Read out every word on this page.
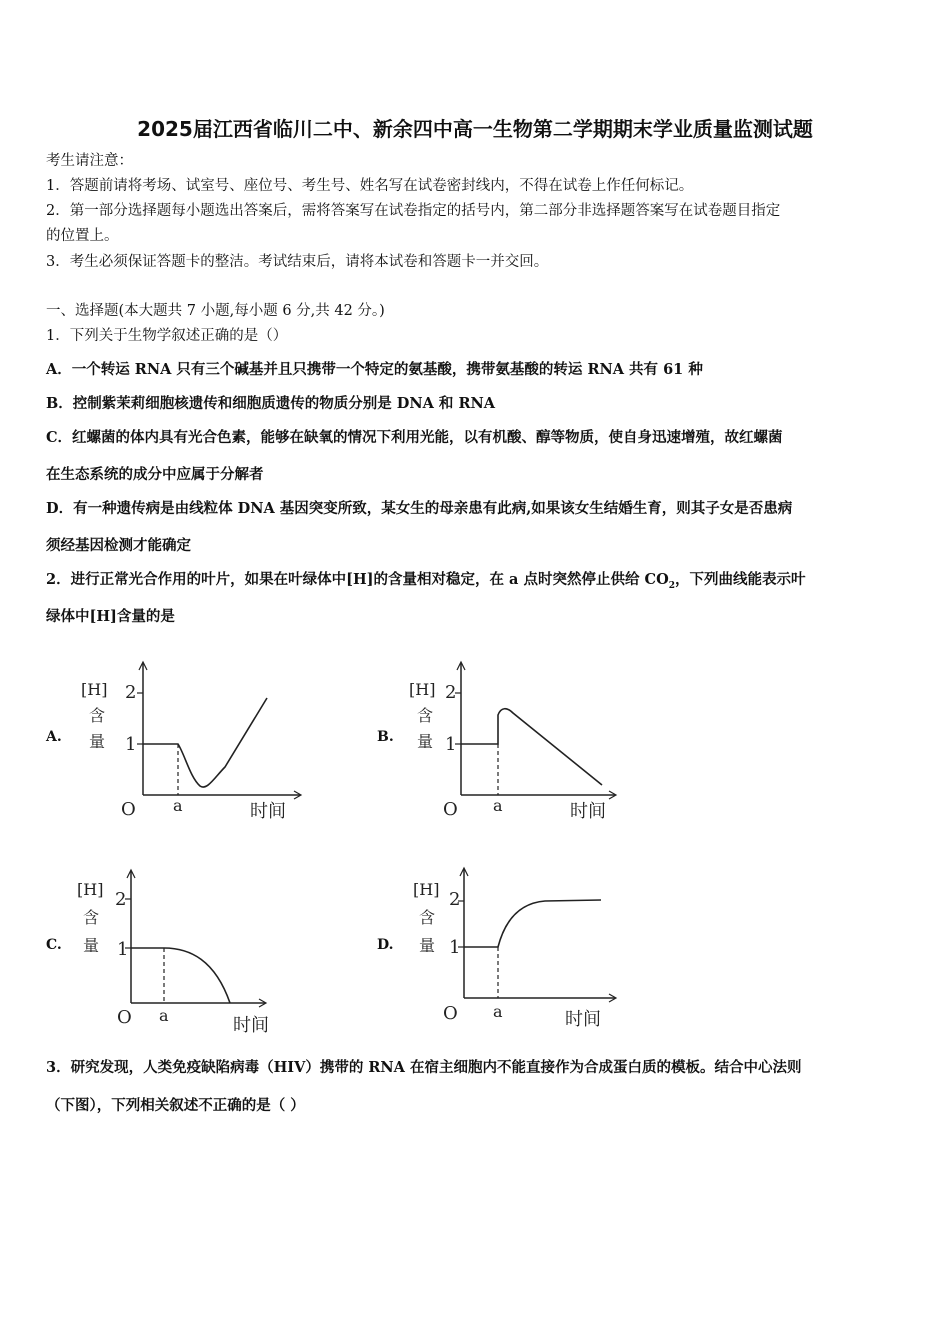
2025届江西省临川二中、新余四中高一生物第二学期期末学业质量监测试题
考生请注意：
1．答题前请将考场、试室号、座位号、考生号、姓名写在试卷密封线内，不得在试卷上作任何标记。
2．第一部分选择题每小题选出答案后，需将答案写在试卷指定的括号内，第二部分非选择题答案写在试卷题目指定
的位置上。
3．考生必须保证答题卡的整洁。考试结束后，请将本试卷和答题卡一并交回。
一、选择题(本大题共 7 小题,每小题 6 分,共 42 分。)
1．下列关于生物学叙述正确的是（）
A．一个转运 RNA 只有三个碱基并且只携带一个特定的氨基酸，携带氨基酸的转运 RNA 共有 61 种
B．控制紫茉莉细胞核遗传和细胞质遗传的物质分别是 DNA 和 RNA
C．红螺菌的体内具有光合色素，能够在缺氧的情况下利用光能，以有机酸、醇等物质，使自身迅速增殖，故红螺菌
在生态系统的成分中应属于分解者
D．有一种遗传病是由线粒体 DNA 基因突变所致，某女生的母亲患有此病,如果该女生结婚生育，则其子女是否患病
须经基因检测才能确定
2．进行正常光合作用的叶片，如果在叶绿体中[H]的含量相对稳定，在 a 点时突然停止供给 $CO_2$，下列曲线能表示叶
绿体中[H]含量的是
A.	B.
C.	D.
[H] 2
含
量 1
O a	时间
[H] 2
含
量 1
O a	时间
[H] 2
含
量 1
O a	时间
[H] 2
含
量 1
O a	时间
3．研究发现，人类免疫缺陷病毒（HIV）携带的 RNA 在宿主细胞内不能直接作为合成蛋白质的模板。结合中心法则
（下图），下列相关叙述不正确的是（ ）
